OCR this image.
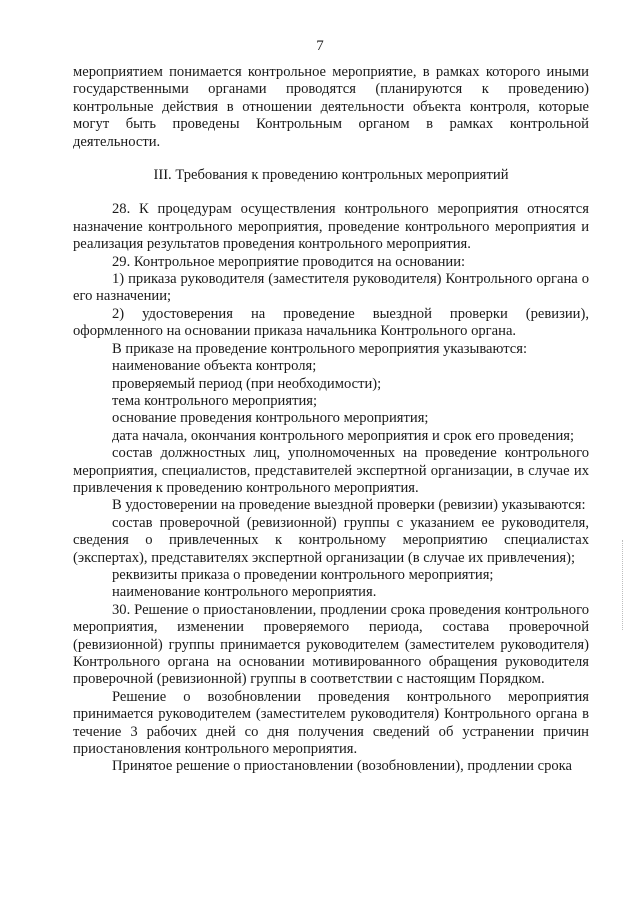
7

мероприятием понимается контрольное мероприятие, в рамках которого иными государственными органами проводятся (планируются к проведению) контрольные действия в отношении деятельности объекта контроля, которые могут быть проведены Контрольным органом в рамках контрольной деятельности.

III. Требования к проведению контрольных мероприятий

28. К процедурам осуществления контрольного мероприятия относятся назначение контрольного мероприятия, проведение контрольного мероприятия и реализация результатов проведения контрольного мероприятия.

29. Контрольное мероприятие проводится на основании:

1) приказа руководителя (заместителя руководителя) Контрольного органа о его назначении;

2) удостоверения на проведение выездной проверки (ревизии), оформленного на основании приказа начальника Контрольного органа.

В приказе на проведение контрольного мероприятия указываются:

наименование объекта контроля;

проверяемый период (при необходимости);

тема контрольного мероприятия;

основание проведения контрольного мероприятия;

дата начала, окончания контрольного мероприятия и срок его проведения;

состав должностных лиц, уполномоченных на проведение контрольного мероприятия, специалистов, представителей экспертной организации, в случае их привлечения к проведению контрольного мероприятия.

В удостоверении на проведение выездной проверки (ревизии) указываются:

состав проверочной (ревизионной) группы с указанием ее руководителя, сведения о привлеченных к контрольному мероприятию специалистах (экспертах), представителях экспертной организации (в случае их привлечения);

реквизиты приказа о проведении контрольного мероприятия;

наименование контрольного мероприятия.

30. Решение о приостановлении, продлении срока проведения контрольного мероприятия, изменении проверяемого периода, состава проверочной (ревизионной) группы принимается руководителем (заместителем руководителя) Контрольного органа на основании мотивированного обращения руководителя проверочной (ревизионной) группы в соответствии с настоящим Порядком.

Решение о возобновлении проведения контрольного мероприятия принимается руководителем (заместителем руководителя) Контрольного органа в течение 3 рабочих дней со дня получения сведений об устранении причин приостановления контрольного мероприятия.

Принятое решение о приостановлении (возобновлении), продлении срока
